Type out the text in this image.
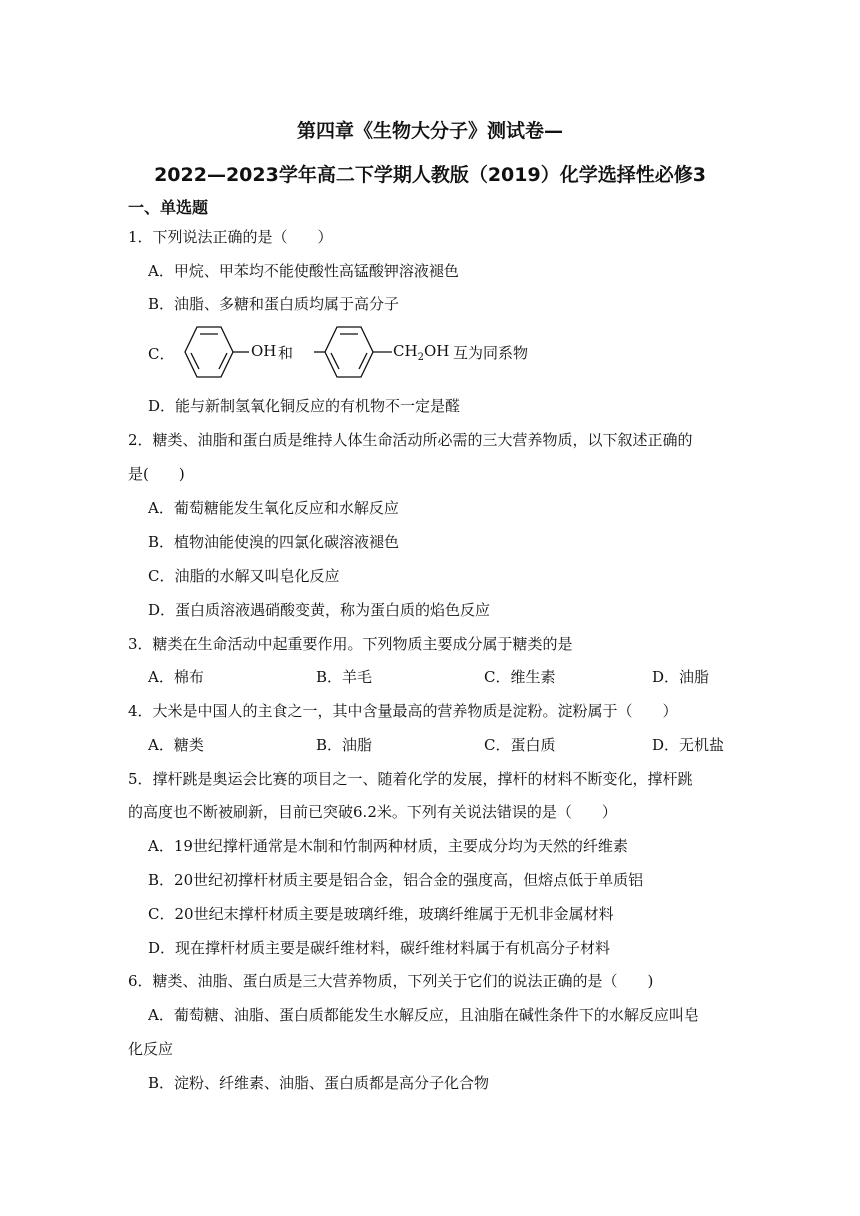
第四章《生物大分子》测试卷—
2022—2023学年高二下学期人教版（2019）化学选择性必修3
一、单选题
1．下列说法正确的是（　　）
A．甲烷、甲苯均不能使酸性高锰酸钾溶液褪色
B．油脂、多糖和蛋白质均属于高分子
C．	OH 和	$CH_2OH$ 互为同系物
D．能与新制氢氧化铜反应的有机物不一定是醛
2．糖类、油脂和蛋白质是维持人体生命活动所必需的三大营养物质，以下叙述正确的
是(　　)
A．葡萄糖能发生氧化反应和水解反应
B．植物油能使溴的四氯化碳溶液褪色
C．油脂的水解又叫皂化反应
D．蛋白质溶液遇硝酸变黄，称为蛋白质的焰色反应
3．糖类在生命活动中起重要作用。下列物质主要成分属于糖类的是
A．棉布	B．羊毛	C．维生素	D．油脂
4．大米是中国人的主食之一，其中含量最高的营养物质是淀粉。淀粉属于（　　）
A．糖类	B．油脂	C．蛋白质	D．无机盐
5．撑杆跳是奥运会比赛的项目之一、随着化学的发展，撑杆的材料不断变化，撑杆跳
的高度也不断被刷新，目前已突破6.2米。下列有关说法错误的是（　　）
A．19世纪撑杆通常是木制和竹制两种材质，主要成分均为天然的纤维素
B．20世纪初撑杆材质主要是铝合金，铝合金的强度高，但熔点低于单质铝
C．20世纪末撑杆材质主要是玻璃纤维，玻璃纤维属于无机非金属材料
D．现在撑杆材质主要是碳纤维材料，碳纤维材料属于有机高分子材料
6．糖类、油脂、蛋白质是三大营养物质，下列关于它们的说法正确的是（　　)
A．葡萄糖、油脂、蛋白质都能发生水解反应，且油脂在碱性条件下的水解反应叫皂
化反应
B．淀粉、纤维素、油脂、蛋白质都是高分子化合物
